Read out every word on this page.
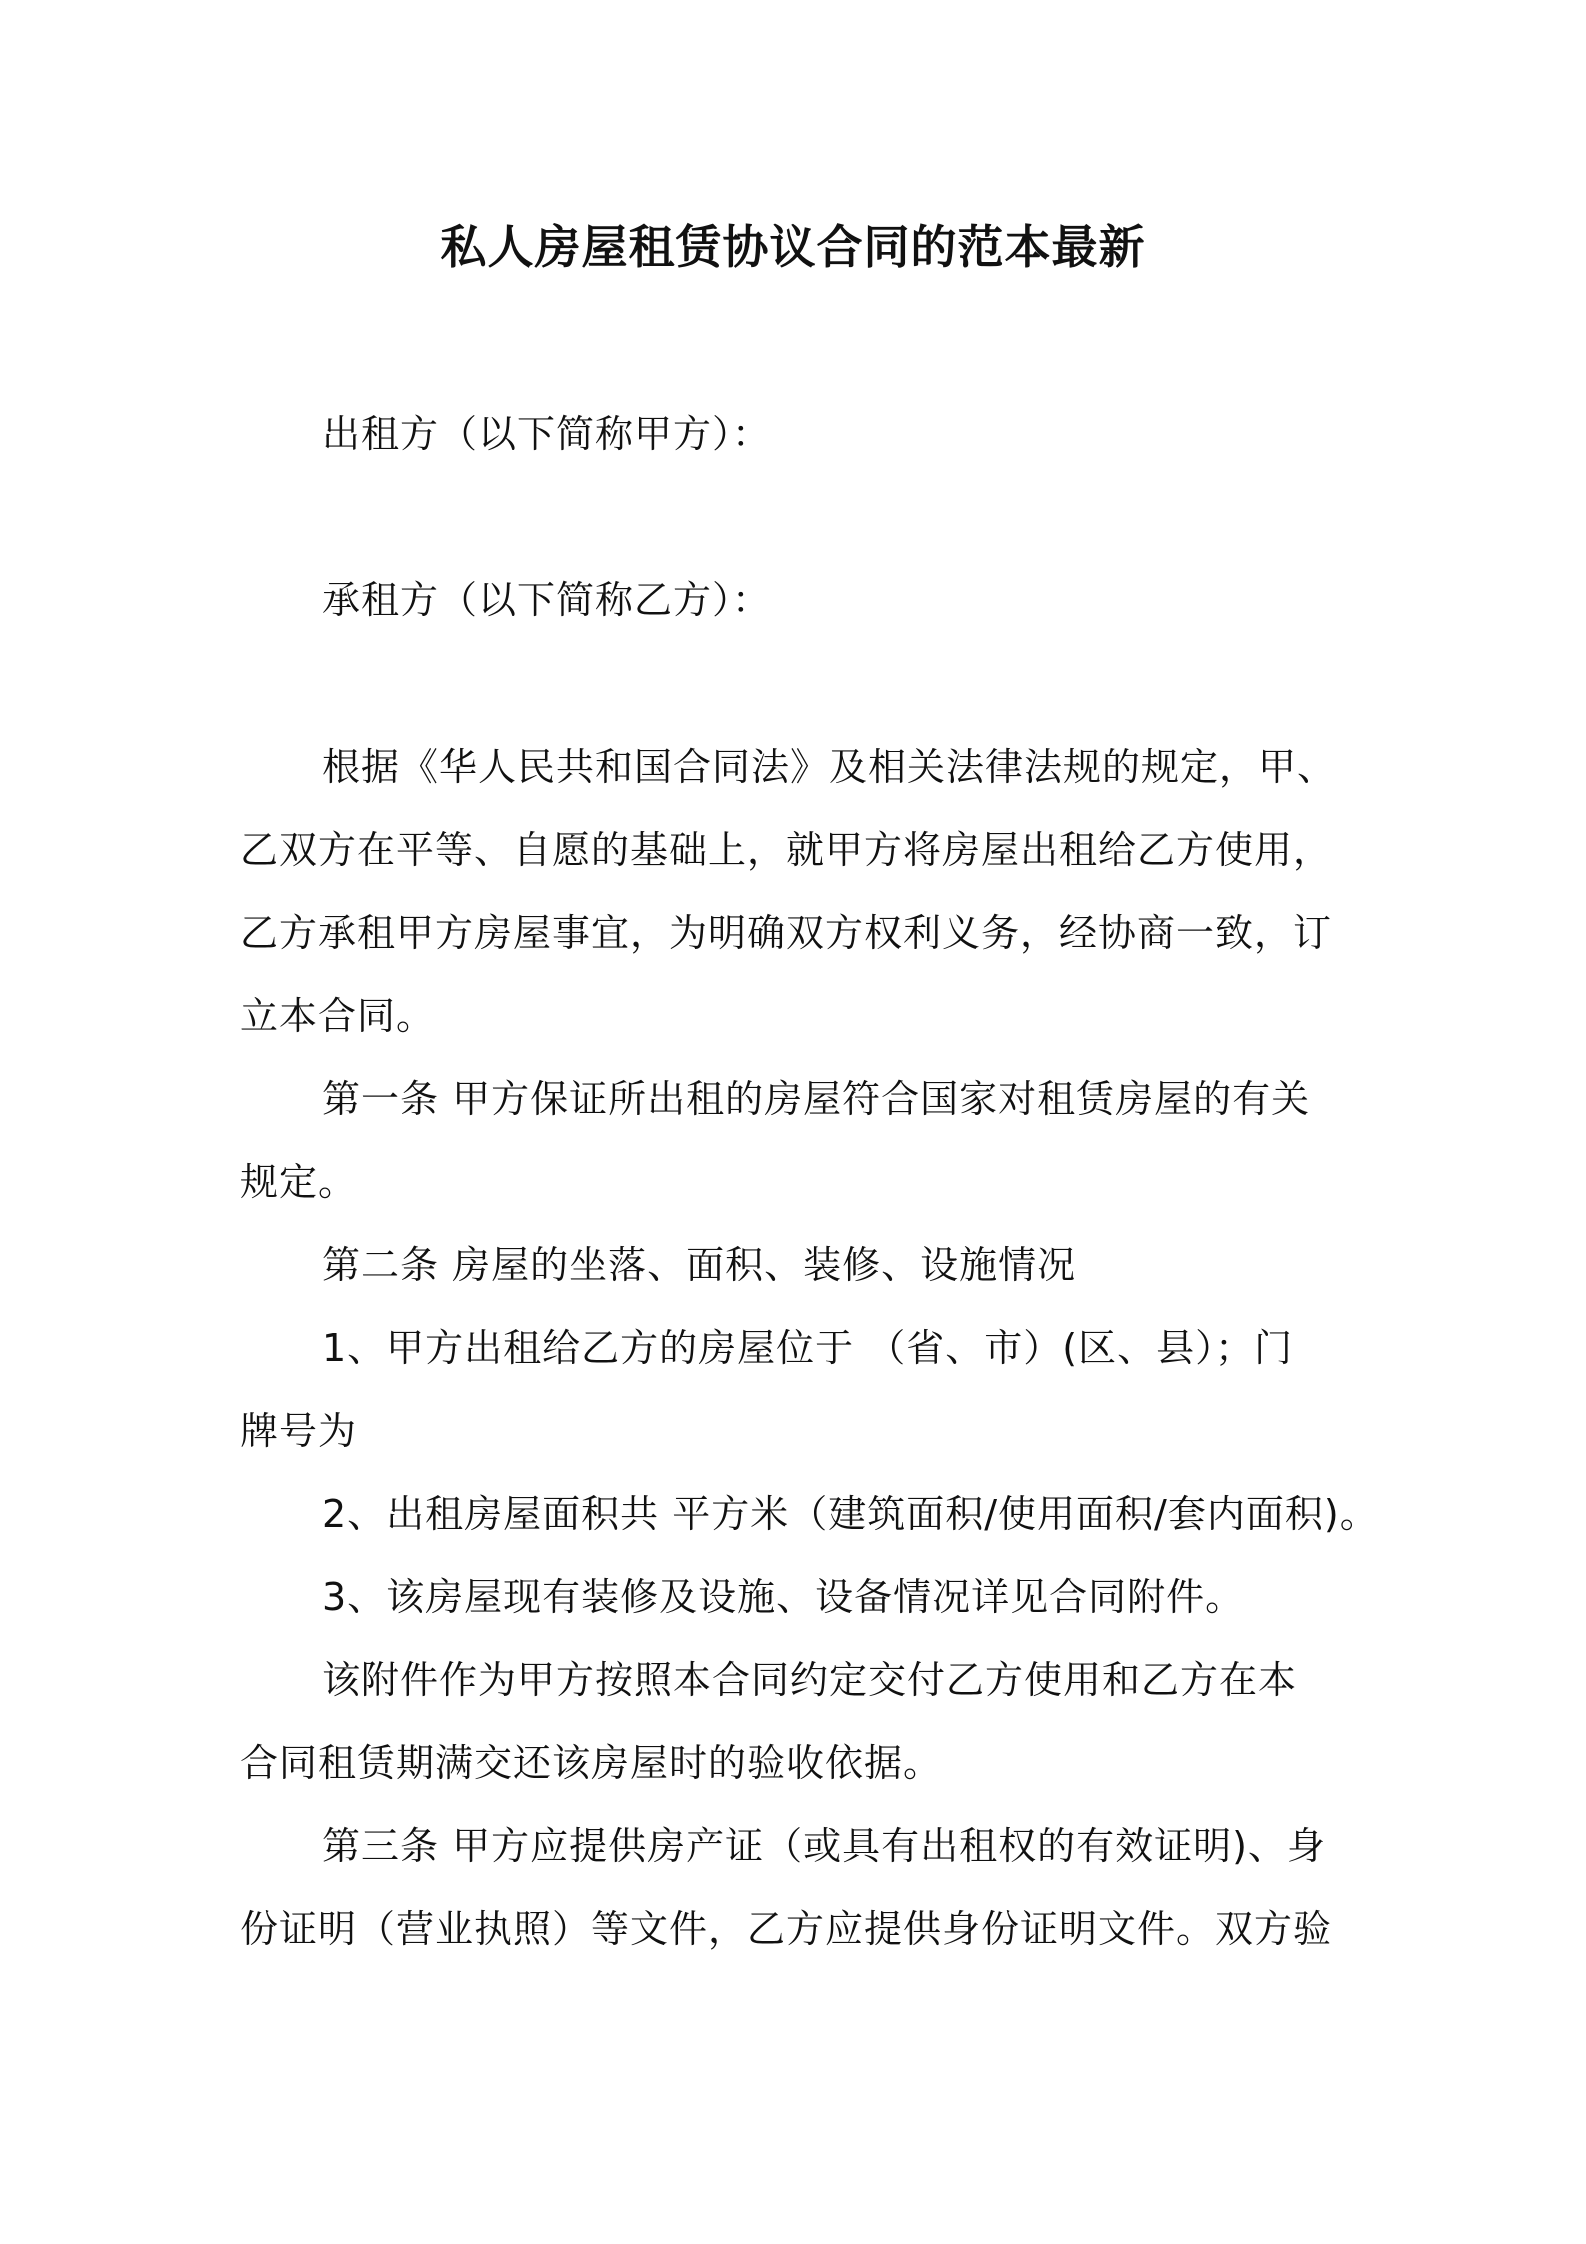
私人房屋租赁协议合同的范本最新
出租方（以下简称甲方）：
承租方（以下简称乙方）：
根据《华人民共和国合同法》及相关法律法规的规定，甲、
乙双方在平等、自愿的基础上，就甲方将房屋出租给乙方使用，
乙方承租甲方房屋事宜，为明确双方权利义务，经协商一致，订
立本合同。
第一条 甲方保证所出租的房屋符合国家对租赁房屋的有关
规定。
第二条 房屋的坐落、面积、装修、设施情况
1、甲方出租给乙方的房屋位于 （省、市）(区、县）；门
牌号为
2、出租房屋面积共 平方米（建筑面积/使用面积/套内面积)。
3、该房屋现有装修及设施、设备情况详见合同附件。
该附件作为甲方按照本合同约定交付乙方使用和乙方在本
合同租赁期满交还该房屋时的验收依据。
第三条 甲方应提供房产证（或具有出租权的有效证明)、身
份证明（营业执照）等文件，乙方应提供身份证明文件。双方验
